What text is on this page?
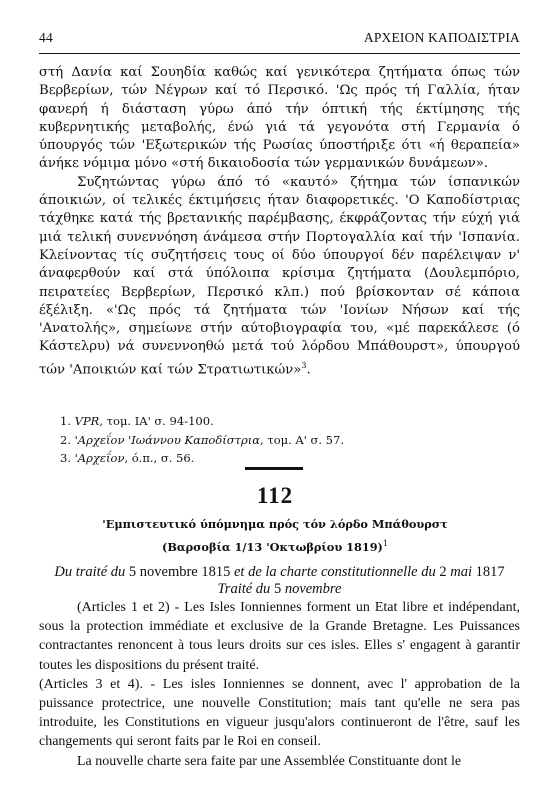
44	ΑΡΧΕΙΟΝ ΚΑΠΟΔΙΣΤΡΙΑ

στή Δανία καί Σουηδία καθώς καί γενικότερα ζητήματα όπως τών Βερβερίων, τών Νέγρων καί τό Περσικό. 'Ως πρός τή Γαλλία, ήταν φανερή ή διάσταση γύρω άπό τήν όπτική τής έκτίμησης τής κυβερνητικής μεταβολής, ένώ γιά τά γεγονότα στή Γερμανία ό ύπουργός τών 'Εξωτερικών τής Ρωσίας ύποστήριξε ότι «ή θεραπεία» άνήκε νόμιμα μόνο «στή δικαιοδοσία τών γερμανικών δυνάμεων».

Συζητώντας γύρω άπό τό «καυτό» ζήτημα τών ίσπανικών άποικιών, οί τελικές έκτιμήσεις ήταν διαφορετικές. 'Ο Καποδίστριας τάχθηκε κατά τής βρετανικής παρέμβασης, έκφράζοντας τήν εύχή γιά μιά τελική συνεννόηση άνάμεσα στήν Πορτογαλλία καί τήν 'Ισπανία. Κλείνοντας τίς συζητήσεις τους οί δύο ύπουργοί δέν παρέλειψαν ν' άναφερθούν καί στά ύπόλοιπα κρίσιμα ζητήματα (Δουλεμπόριο, πειρατείες Βερβερίων, Περσικό κλπ.) πού βρίσκονταν σέ κάποια έξέλιξη. «'Ως πρός τά ζητήματα τών 'Ιονίων Νήσων καί τής 'Ανατολής», σημείωνε στήν αύτοβιογραφία του, «μέ παρεκάλεσε (ό Κάστελρυ) νά συνεννοηθώ μετά τού λόρδου Μπάθουρστ», ύπουργού τών 'Αποικιών καί τών Στρατιωτικών»$^3$.

1. VPR, τομ. ΙΑ' σ. 94-100.
2. 'Αρχεΐον 'Ιωάννου Καποδίστρια, τομ. Α' σ. 57.
3. 'Αρχεΐον, ό.π., σ. 56.
112
'Εμπιστευτικό ύπόμνημα πρός τόν λόρδο Μπάθουρστ
(Βαρσοβία 1/13 'Οκτωβρίου 1819)$^1$
Du traité du 5 novembre 1815 et de la charte constitutionnelle du 2 mai 1817
Traité du 5 novembre

(Articles 1 et 2) - Les Isles Ionniennes forment un Etat libre et indépendant, sous la protection immédiate et exclusive de la Grande Bretagne. Les Puissances contractantes renoncent à tous leurs droits sur ces isles. Elles s' engagent à garantir toutes les dispositions du présent traité.

(Articles 3 et 4). - Les isles Ionniennes se donnent, avec l' approbation de la puissance protectrice, une nouvelle Constitution; mais tant qu'elle ne sera pas introduite, les Constitutions en vigueur jusqu'alors continueront de l'être, sauf les changements qui seront faits par le Roi en conseil.

La nouvelle charte sera faite par une Assemblée Constituante dont le
